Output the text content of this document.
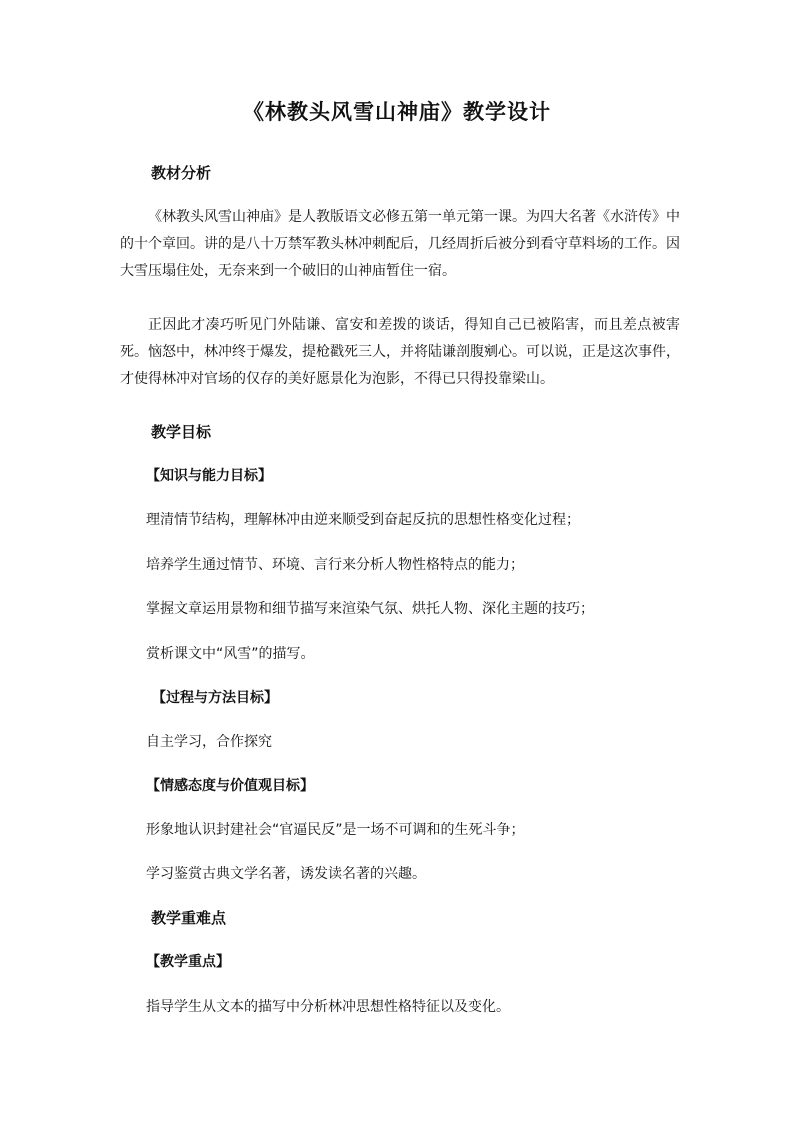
《林教头风雪山神庙》教学设计
教材分析
《林教头风雪山神庙》是人教版语文必修五第一单元第一课。为四大名著《水浒传》中的十个章回。讲的是八十万禁军教头林冲刺配后，几经周折后被分到看守草料场的工作。因大雪压塌住处，无奈来到一个破旧的山神庙暂住一宿。
正因此才凑巧听见门外陆谦、富安和差拨的谈话，得知自己已被陷害，而且差点被害死。恼怒中，林冲终于爆发，提枪戳死三人，并将陆谦剖腹剜心。可以说，正是这次事件，才使得林冲对官场的仅存的美好愿景化为泡影，不得已只得投靠梁山。
教学目标
【知识与能力目标】
理清情节结构，理解林冲由逆来顺受到奋起反抗的思想性格变化过程；
培养学生通过情节、环境、言行来分析人物性格特点的能力；
掌握文章运用景物和细节描写来渲染气氛、烘托人物、深化主题的技巧；
赏析课文中“风雪”的描写。
【过程与方法目标】
自主学习，合作探究
【情感态度与价值观目标】
形象地认识封建社会“官逼民反”是一场不可调和的生死斗争；
学习鉴赏古典文学名著，诱发读名著的兴趣。
教学重难点
【教学重点】
指导学生从文本的描写中分析林冲思想性格特征以及变化。
